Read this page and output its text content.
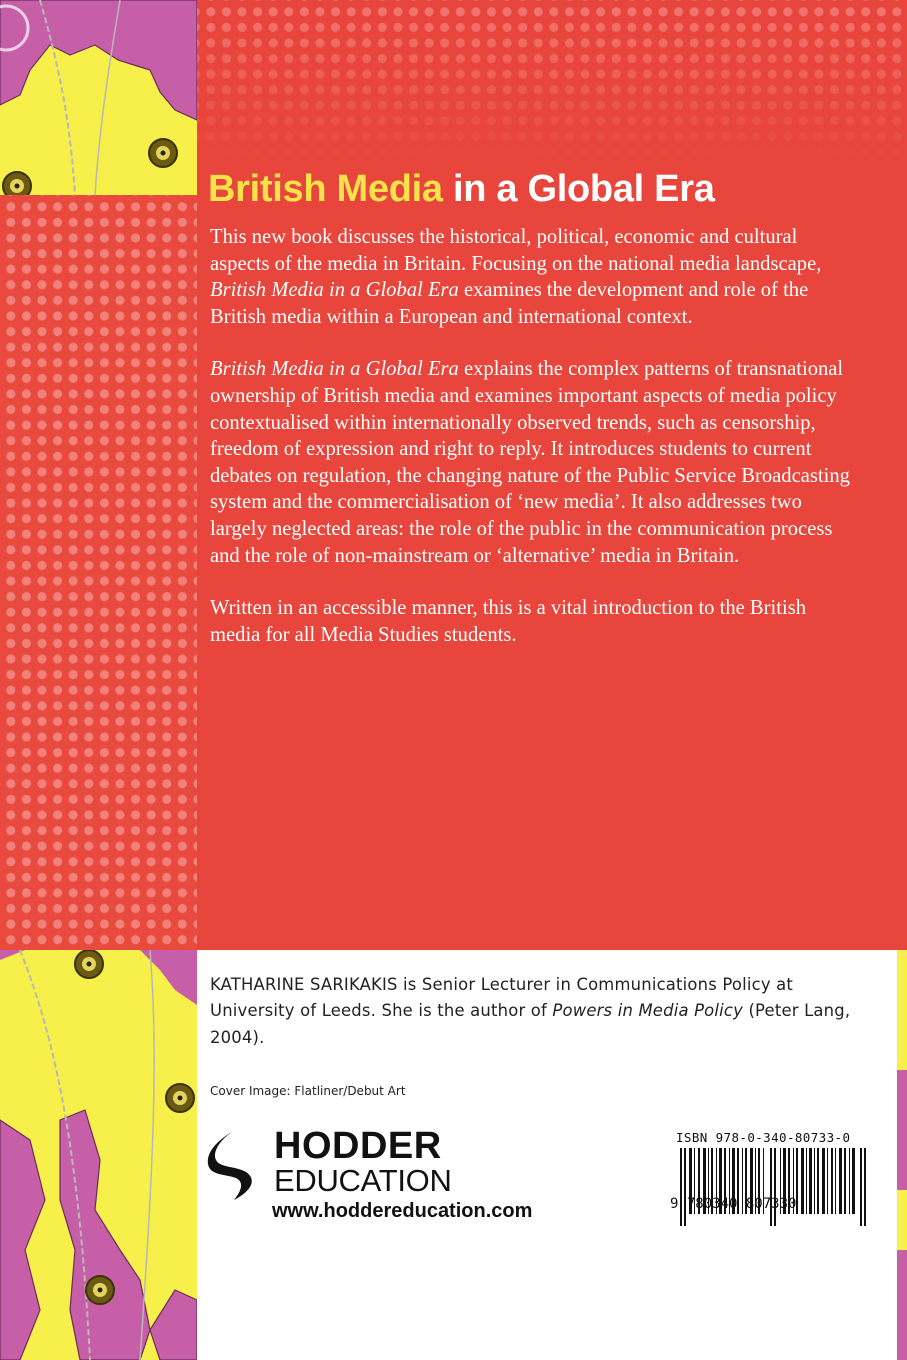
British Media in a Global Era

This new book discusses the historical, political, economic and cultural aspects of the media in Britain. Focusing on the national media landscape, British Media in a Global Era examines the development and role of the British media within a European and international context.

British Media in a Global Era explains the complex patterns of transnational ownership of British media and examines important aspects of media policy contextualised within internationally observed trends, such as censorship, freedom of expression and right to reply. It introduces students to current debates on regulation, the changing nature of the Public Service Broadcasting system and the commercialisation of ‘new media’. It also addresses two largely neglected areas: the role of the public in the communication process and the role of non-mainstream or ‘alternative’ media in Britain.

Written in an accessible manner, this is a vital introduction to the British media for all Media Studies students.

KATHARINE SARIKAKIS is Senior Lecturer in Communications Policy at University of Leeds. She is the author of Powers in Media Policy (Peter Lang, 2004).

Cover Image: Flatliner/Debut Art
HODDER
EDUCATION
www.hoddereducation.com
ISBN 978-0-340-80733-0
9 780340 807330
